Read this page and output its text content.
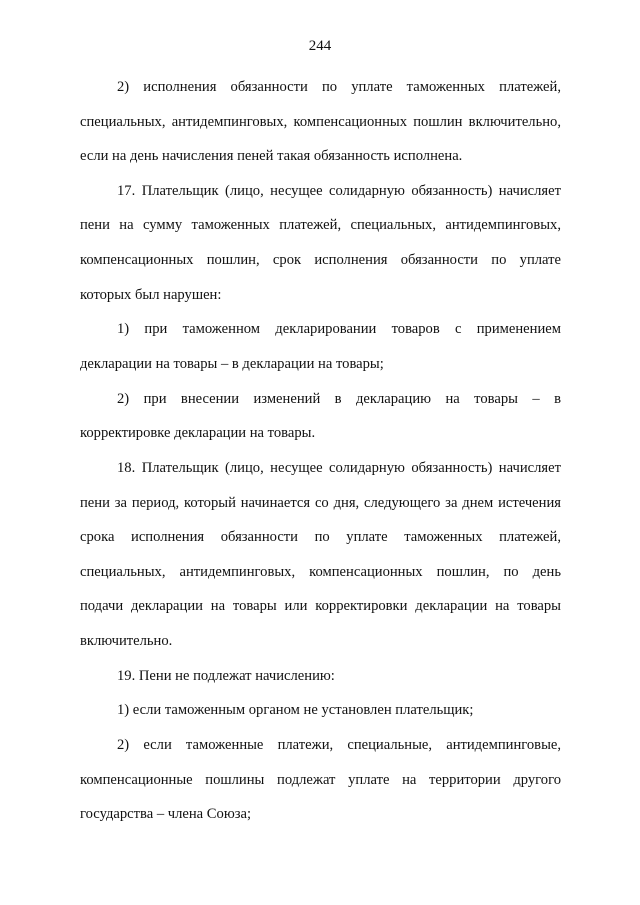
244
2) исполнения обязанности по уплате таможенных платежей,
специальных, антидемпинговых, компенсационных пошлин включительно,
если на день начисления пеней такая обязанность исполнена.
17. Плательщик (лицо, несущее солидарную обязанность) начисляет
пени на сумму таможенных платежей, специальных, антидемпинговых,
компенсационных пошлин, срок исполнения обязанности по уплате
которых был нарушен:
1) при таможенном декларировании товаров с применением
декларации на товары – в декларации на товары;
2) при внесении изменений в декларацию на товары – в
корректировке декларации на товары.
18. Плательщик (лицо, несущее солидарную обязанность) начисляет
пени за период, который начинается со дня, следующего за днем истечения
срока исполнения обязанности по уплате таможенных платежей,
специальных, антидемпинговых, компенсационных пошлин, по день
подачи декларации на товары или корректировки декларации на товары
включительно.
19. Пени не подлежат начислению:
1) если таможенным органом не установлен плательщик;
2) если таможенные платежи, специальные, антидемпинговые,
компенсационные пошлины подлежат уплате на территории другого
государства – члена Союза;
